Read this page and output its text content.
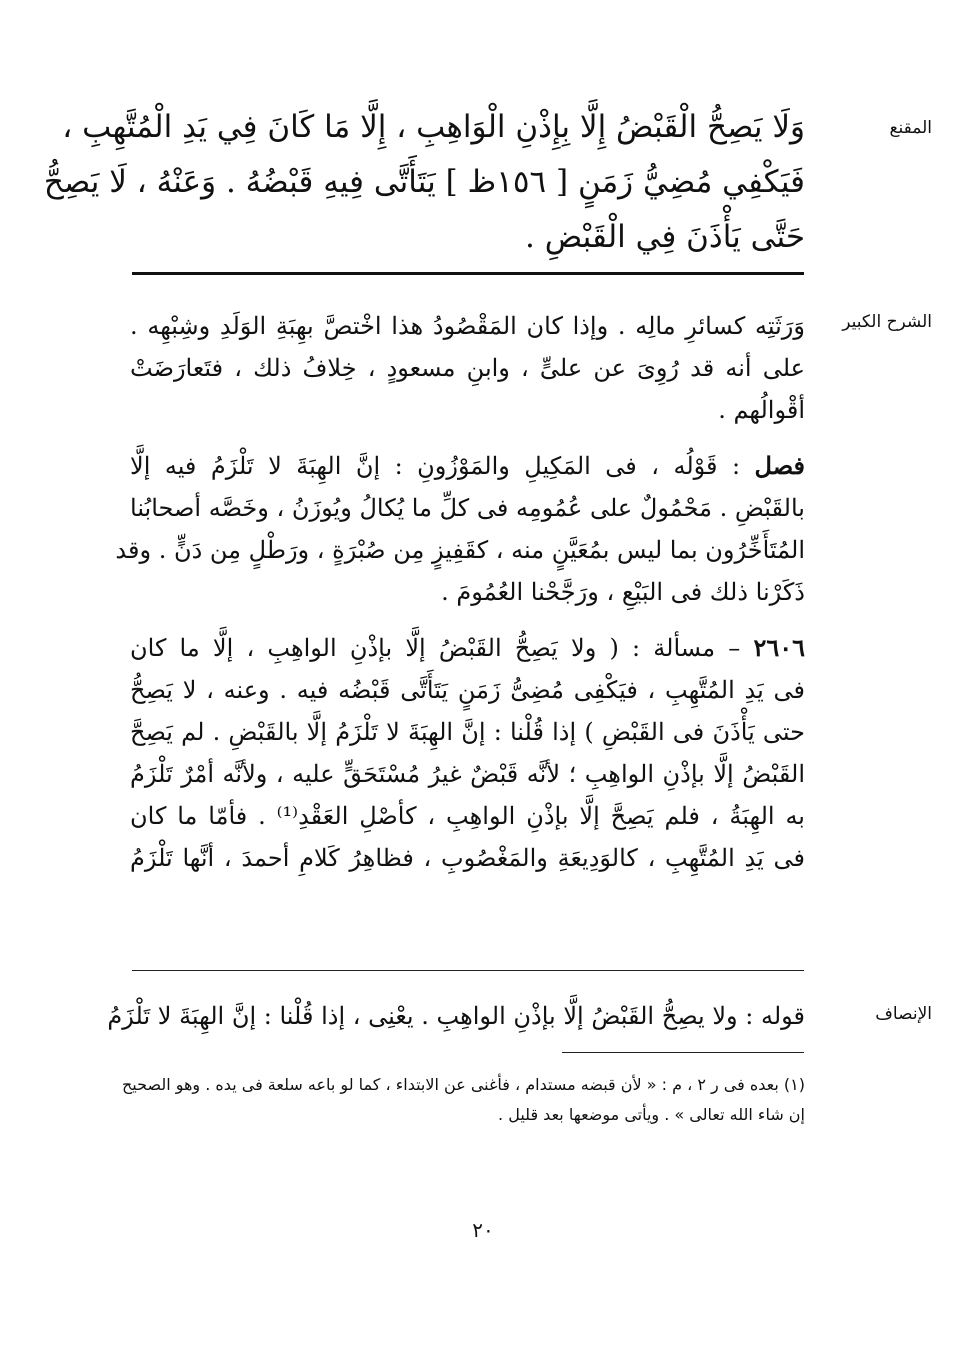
المقنع
وَلَا يَصِحُّ الْقَبْضُ إِلَّا بِإِذْنِ الْوَاهِبِ ، إِلَّا مَا كَانَ فِي يَدِ الْمُتَّهِبِ ،
فَيَكْفِي مُضِيُّ زَمَنٍ [ ١٥٦ظ ] يَتَأَتَّى فِيهِ قَبْضُهُ . وَعَنْهُ ، لَا يَصِحُّ
حَتَّى يَأْذَنَ فِي الْقَبْضِ .
الشرح الكبير

وَرَثَتِه كسائرِ مالِه . وإذا كان المَقْصُودُ هذا اخْتصَّ بهِبَةِ الوَلَدِ وشِبْهِه .
على أنه قد رُوِىَ عن علىٍّ ، وابنِ مسعودٍ ، خِلافُ ذلك ، فتَعارَضَتْ
أقْوالُهم .

فصل : قَوْلُه ، فى المَكِيلِ والمَوْزُونِ : إنَّ الهِبَةَ لا تَلْزَمُ فيه إلَّا
بالقَبْضِ . مَحْمُولٌ على عُمُومِه فى كلِّ ما يُكالُ ويُوزَنُ ، وخَصَّه أصحابُنا
المُتَأَخِّرُون بما ليس بمُعَيَّنٍ منه ، كقَفِيزٍ مِن صُبْرَةٍ ، ورَطْلٍ مِن دَنٍّ . وقد
ذَكَرْنا ذلك فى البَيْعِ ، ورَجَّحْنا العُمُومَ .

٢٦٠٦ – مسألة : ( ولا يَصِحُّ القَبْضُ إلَّا بإذْنِ الواهِبِ ، إلَّا ما كان
فى يَدِ المُتَّهِبِ ، فيَكْفِى مُضِىُّ زَمَنٍ يَتَأَتَّى قَبْضُه فيه . وعنه ، لا يَصِحُّ
حتى يَأْذَنَ فى القَبْضِ ) إذا قُلْنا : إنَّ الهِبَةَ لا تَلْزَمُ إلَّا بالقَبْضِ . لم يَصِحَّ
القَبْضُ إلَّا بإذْنِ الواهِبِ ؛ لأنَّه قَبْضٌ غيرُ مُسْتَحَقٍّ عليه ، ولأنَّه أمْرٌ تَلْزَمُ
به الهِبَةُ ، فلم يَصِحَّ إلَّا بإذْنِ الواهِبِ ، كأصْلِ العَقْدِ⁽¹⁾ . فأمّا ما كان
فى يَدِ المُتَّهِبِ ، كالوَدِيعَةِ والمَغْصُوبِ ، فظاهِرُ كَلامِ أحمدَ ، أنَّها تَلْزَمُ

الإنصاف
قوله : ولا يصِحُّ القَبْضُ إلَّا بإذْنِ الواهِبِ . يعْنِى ، إذا قُلْنا : إنَّ الهِبَةَ لا تَلْزَمُ
(١) بعده فى ر ٢ ، م : « لأن قبضه مستدام ، فأغنى عن الابتداء ، كما لو باعه سلعة فى يده . وهو الصحيح
إن شاء الله تعالى » . ويأتى موضعها بعد قليل .
٢٠
